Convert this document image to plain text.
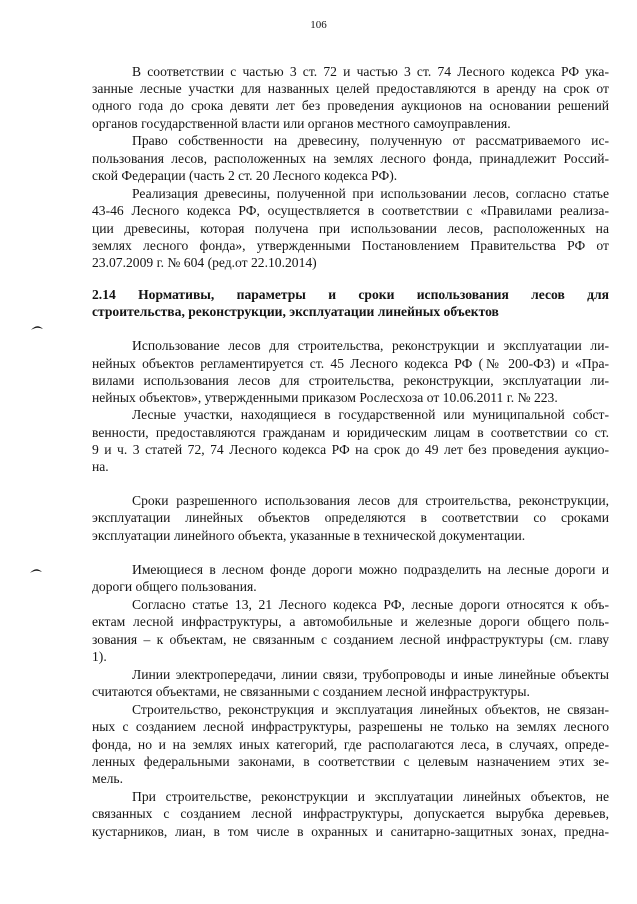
106
В соответствии с частью 3 ст. 72 и частью 3 ст. 74 Лесного кодекса РФ ука-
занные лесные участки для названных целей предоставляются в аренду на срок от
одного года до срока девяти лет без проведения аукционов на основании решений
органов государственной власти или органов местного самоуправления.
Право собственности на древесину, полученную от рассматриваемого ис-
пользования лесов, расположенных на землях лесного фонда, принадлежит Россий-
ской Федерации (часть 2 ст. 20 Лесного кодекса РФ).
Реализация древесины, полученной при использовании лесов, согласно статье
43-46 Лесного кодекса РФ, осуществляется в соответствии с «Правилами реализа-
ции древесины, которая получена при использовании лесов, расположенных на
землях лесного фонда», утвержденными Постановлением Правительства РФ от
23.07.2009 г. № 604 (ред.от 22.10.2014)
2.14 Нормативы, параметры и сроки использования лесов для
строительства, реконструкции, эксплуатации линейных объектов
Использование лесов для строительства, реконструкции и эксплуатации ли-
нейных объектов регламентируется ст. 45 Лесного кодекса РФ (№ 200-ФЗ) и «Пра-
вилами использования лесов для строительства, реконструкции, эксплуатации ли-
нейных объектов», утвержденными приказом Рослесхоза от 10.06.2011 г. № 223.
Лесные участки, находящиеся в государственной или муниципальной собст-
венности, предоставляются гражданам и юридическим лицам в соответствии со ст.
9 и ч. 3 статей 72, 74 Лесного кодекса РФ на срок до 49 лет без проведения аукцио-
на.
Сроки разрешенного использования лесов для строительства, реконструкции,
эксплуатации линейных объектов определяются в соответствии со сроками
эксплуатации линейного объекта, указанные в технической документации.
Имеющиеся в лесном фонде дороги можно подразделить на лесные дороги и
дороги общего пользования.
Согласно статье 13, 21 Лесного кодекса РФ, лесные дороги относятся к объ-
ектам лесной инфраструктуры, а автомобильные и железные дороги общего поль-
зования – к объектам, не связанным с созданием лесной инфраструктуры (см. главу
1).
Линии электропередачи, линии связи, трубопроводы и иные линейные объекты
считаются объектами, не связанными с созданием лесной инфраструктуры.
Строительство, реконструкция и эксплуатация линейных объектов, не связан-
ных с созданием лесной инфраструктуры, разрешены не только на землях лесного
фонда, но и на землях иных категорий, где располагаются леса, в случаях, опреде-
ленных федеральными законами, в соответствии с целевым назначением этих зе-
мель.
При строительстве, реконструкции и эксплуатации линейных объектов, не
связанных с созданием лесной инфраструктуры, допускается вырубка деревьев,
кустарников, лиан, в том числе в охранных и санитарно-защитных зонах, предна-
